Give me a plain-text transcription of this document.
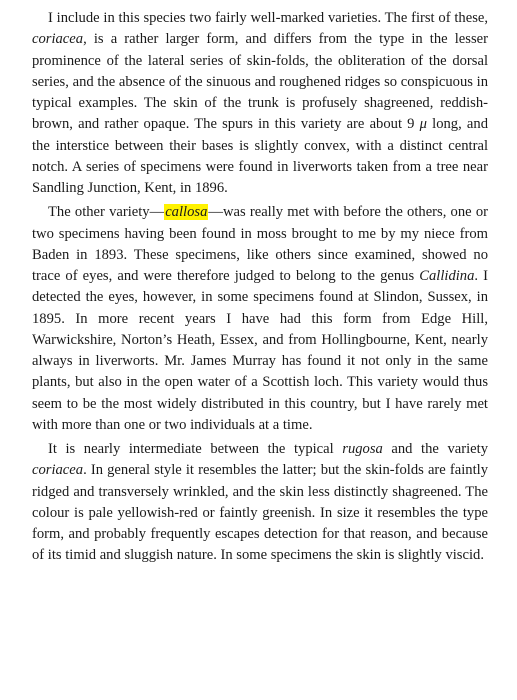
I include in this species two fairly well-marked varieties. The first of these, coriacea, is a rather larger form, and differs from the type in the lesser prominence of the lateral series of skin-folds, the obliteration of the dorsal series, and the absence of the sinuous and roughened ridges so conspicuous in typical examples. The skin of the trunk is profusely shagreened, reddish-brown, and rather opaque. The spurs in this variety are about 9 μ long, and the interstice between their bases is slightly convex, with a distinct central notch. A series of specimens were found in liverworts taken from a tree near Sandling Junction, Kent, in 1896.

The other variety—callosa—was really met with before the others, one or two specimens having been found in moss brought to me by my niece from Baden in 1893. These specimens, like others since examined, showed no trace of eyes, and were therefore judged to belong to the genus Callidina. I detected the eyes, however, in some specimens found at Slindon, Sussex, in 1895. In more recent years I have had this form from Edge Hill, Warwickshire, Norton’s Heath, Essex, and from Hollingbourne, Kent, nearly always in liverworts. Mr. James Murray has found it not only in the same plants, but also in the open water of a Scottish loch. This variety would thus seem to be the most widely distributed in this country, but I have rarely met with more than one or two individuals at a time.

It is nearly intermediate between the typical rugosa and the variety coriacea. In general style it resembles the latter; but the skin-folds are faintly ridged and transversely wrinkled, and the skin less distinctly shagreened. The colour is pale yellowish-red or faintly greenish. In size it resembles the type form, and probably frequently escapes detection for that reason, and because of its timid and sluggish nature. In some specimens the skin is slightly viscid.
